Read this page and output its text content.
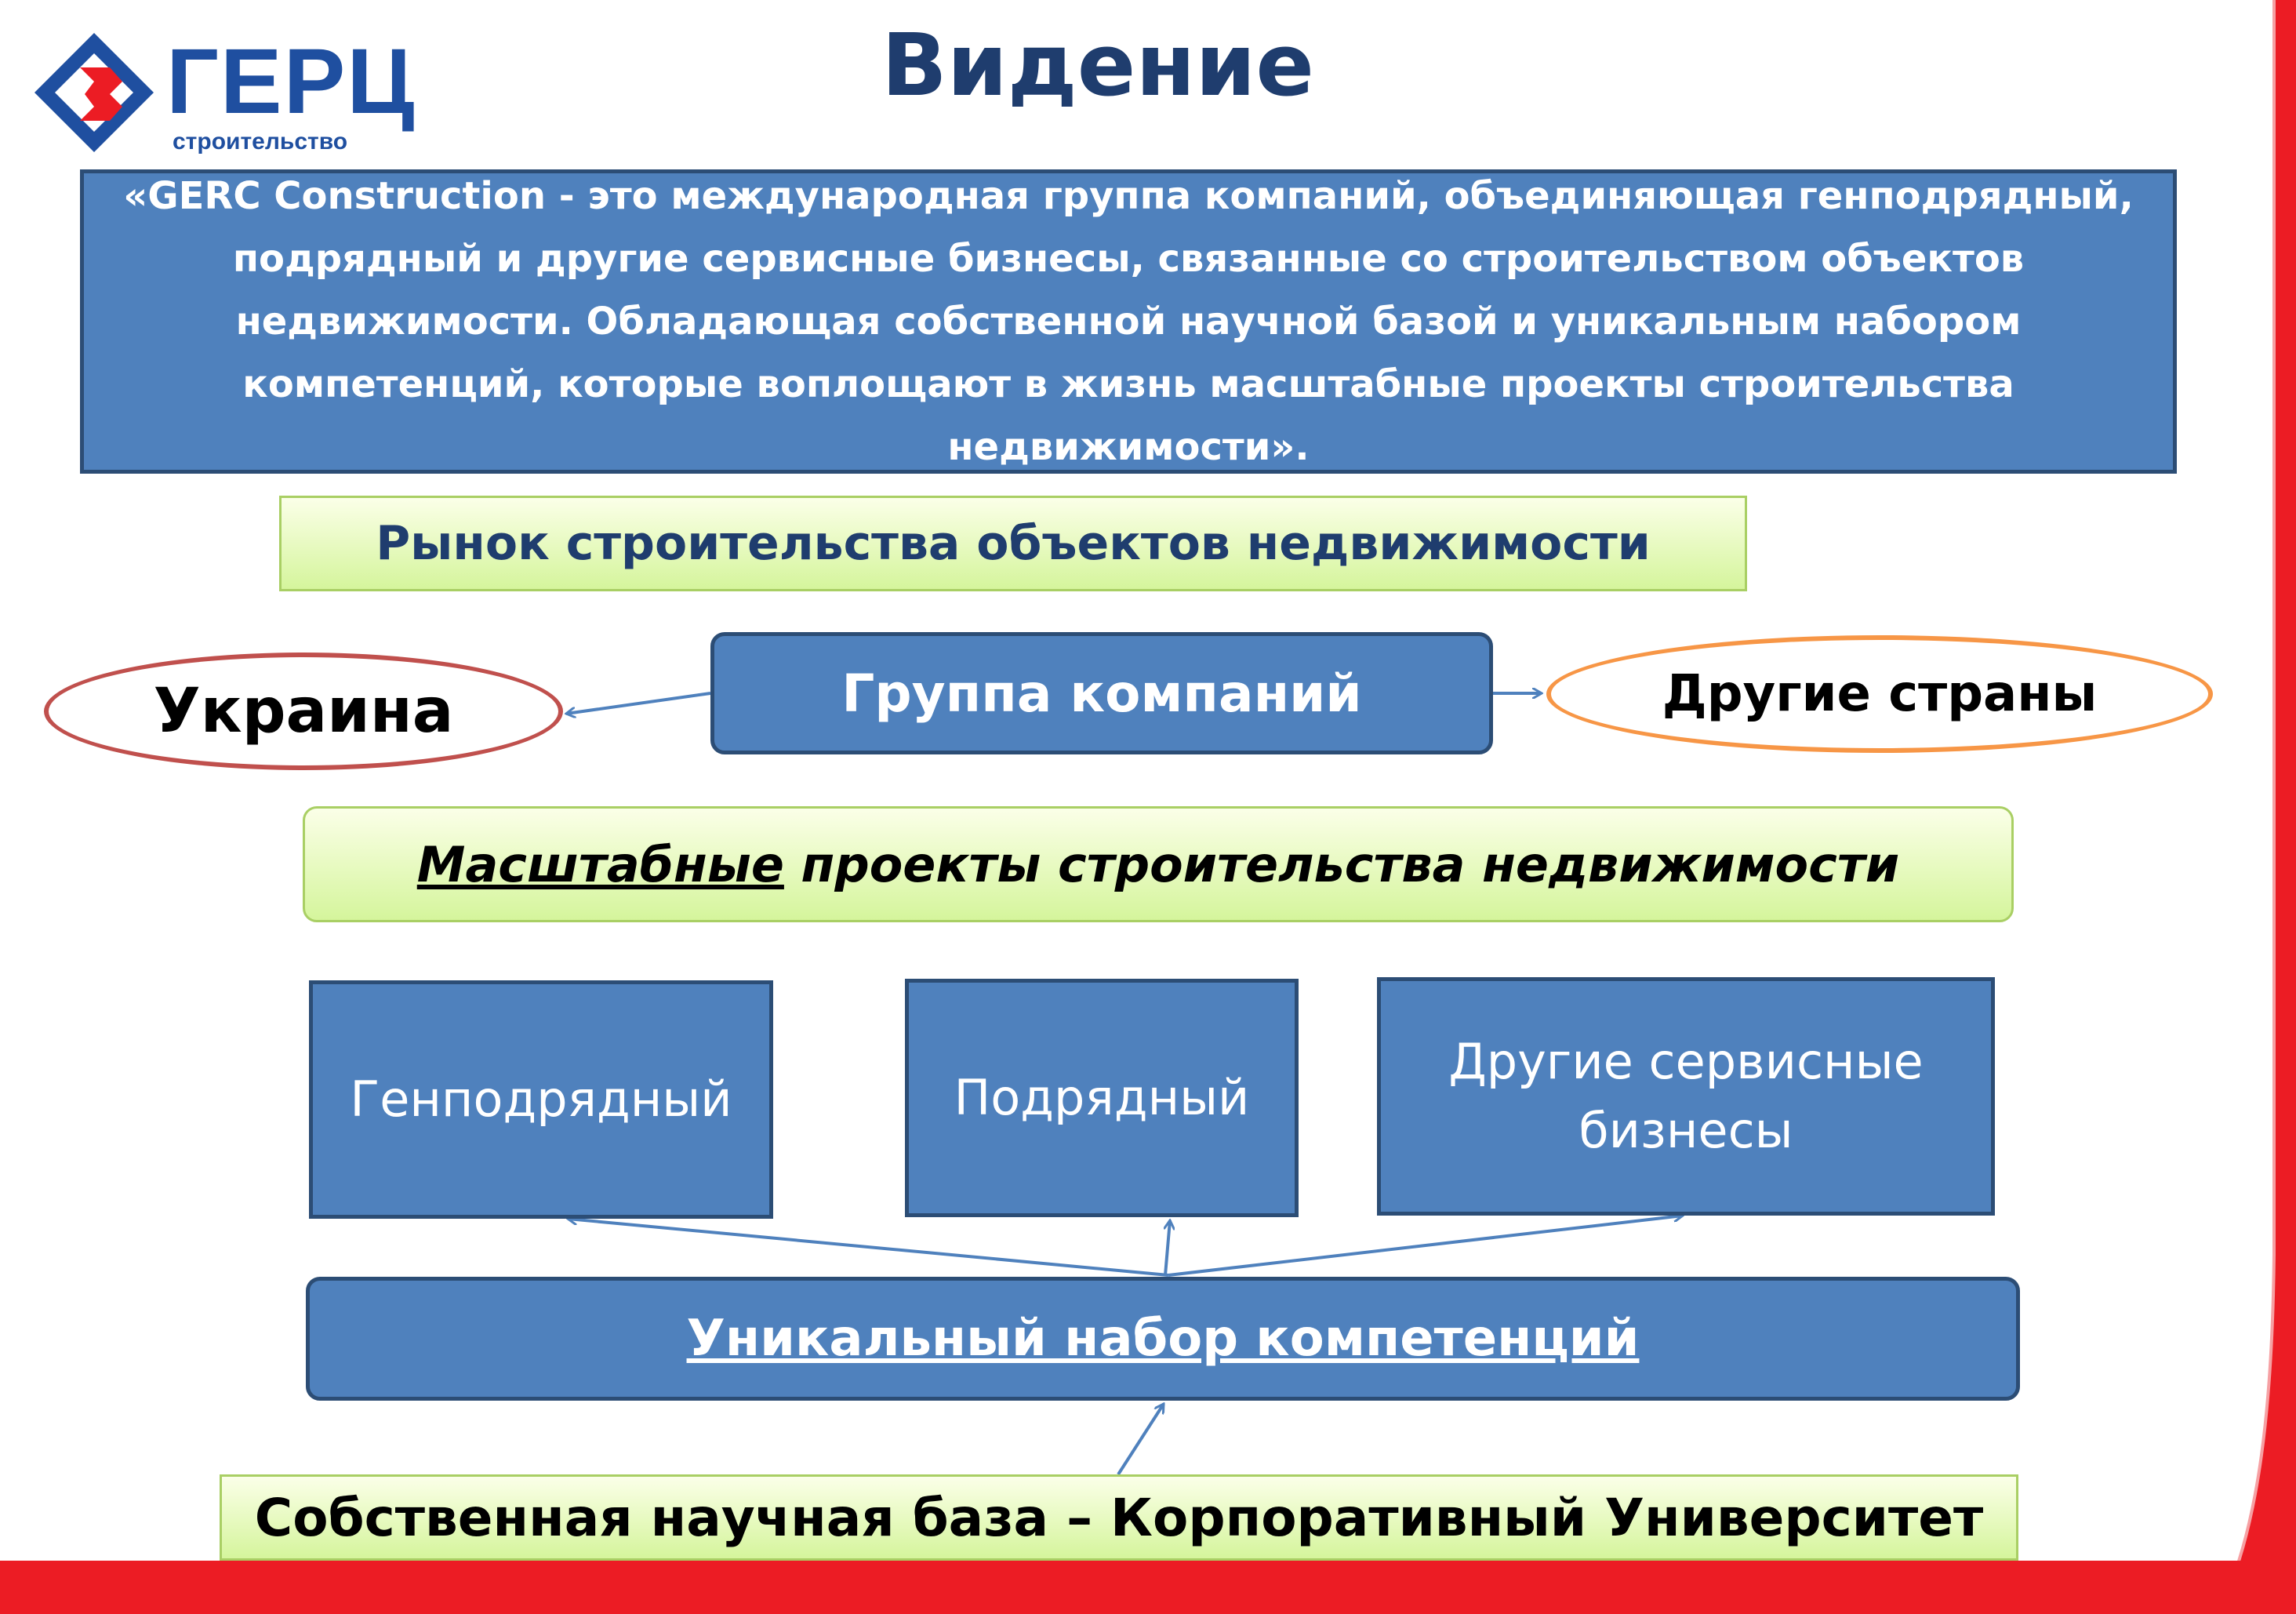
ГЕРЦ
строительство
Видение
«GERC Construction - это международная группа компаний, объединяющая генподрядный, подрядный и другие сервисные бизнесы, связанные со строительством объектов недвижимости. Обладающая собственной научной базой и уникальным набором компетенций, которые воплощают в жизнь масштабные проекты строительства недвижимости».
Рынок строительства объектов недвижимости
Группа компаний
Украина	Другие страны
Масштабные проекты строительства недвижимости
Генподрядный	Подрядный
Другие сервисные бизнесы
Уникальный набор компетенций
Собственная научная база – Корпоративный Университет
